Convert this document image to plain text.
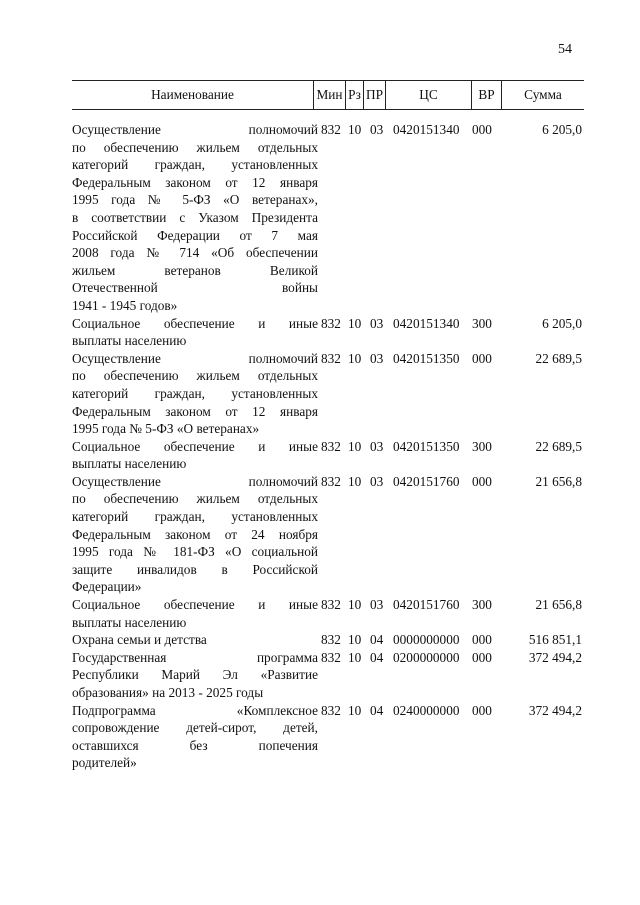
54
Наименование	Мин Рз ПР	ЦС	ВР	Сумма
Осуществление полномочий
по обеспечению жильем отдельных
категорий граждан, установленных
Федеральным законом от 12 января
1995 года № 5-ФЗ «О ветеранах»,
в соответствии с Указом Президента
Российской Федерации от 7 мая
2008 года № 714 «Об обеспечении
жильем ветеранов Великой
Отечественной войны
1941 - 1945 годов»
832 10 03 0420151340 000	6 205,0
Социальное обеспечение и иные
выплаты населению
832 10 03 0420151340 300	6 205,0
Осуществление полномочий
по обеспечению жильем отдельных
категорий граждан, установленных
Федеральным законом от 12 января
1995 года № 5-ФЗ «О ветеранах»
832 10 03 0420151350 000	22 689,5
Социальное обеспечение и иные
выплаты населению
832 10 03 0420151350 300	22 689,5
Осуществление полномочий
по обеспечению жильем отдельных
категорий граждан, установленных
Федеральным законом от 24 ноября
1995 года № 181-ФЗ «О социальной
защите инвалидов в Российской
Федерации»
832 10 03 0420151760 000	21 656,8
Социальное обеспечение и иные
выплаты населению
832 10 03 0420151760 300	21 656,8
Охрана семьи и детства	832 10 04 0000000000 000	516 851,1
Государственная программа
Республики Марий Эл «Развитие
образования» на 2013 - 2025 годы
832 10 04 0200000000 000	372 494,2
Подпрограмма «Комплексное
сопровождение детей-сирот, детей,
оставшихся без попечения
родителей»
832 10 04 0240000000 000	372 494,2
